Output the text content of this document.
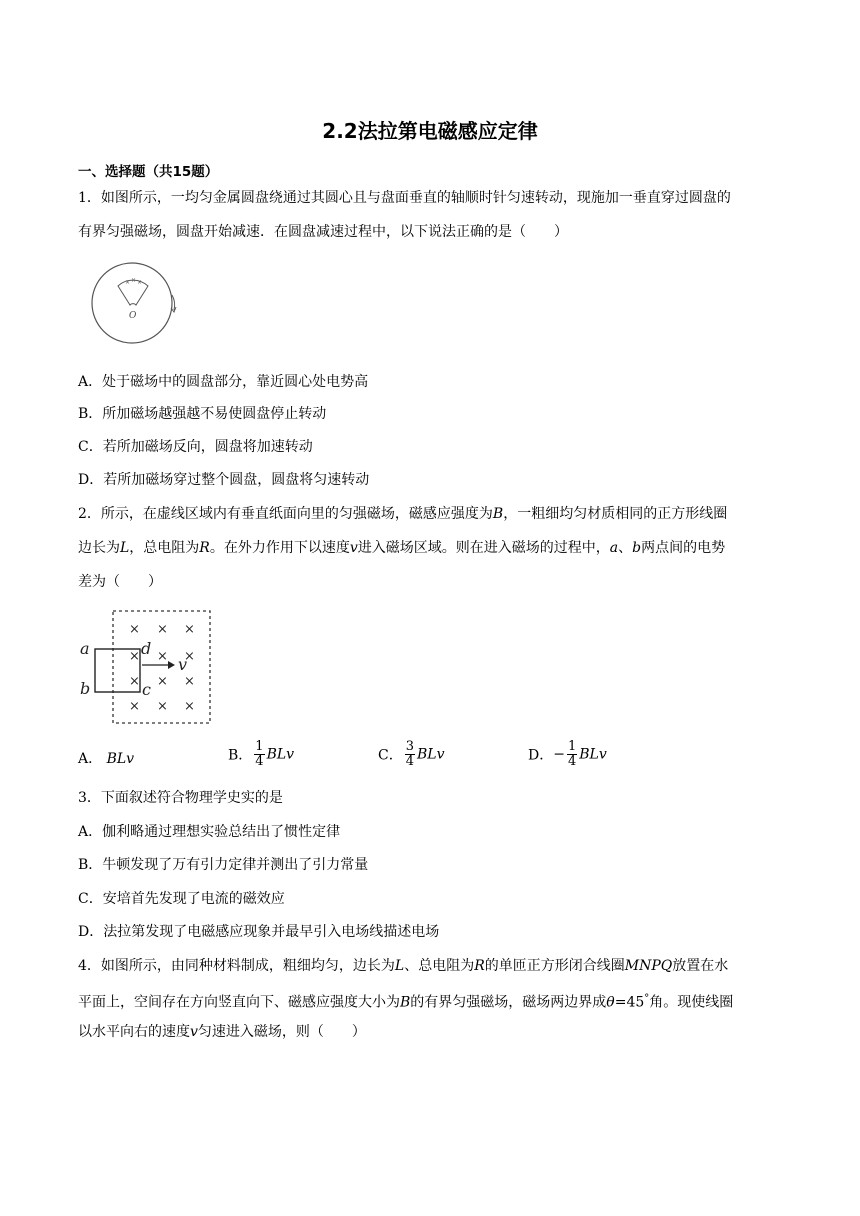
2.2法拉第电磁感应定律
一、选择题（共15题）
1．如图所示，一均匀金属圆盘绕通过其圆心且与盘面垂直的轴顺时针匀速转动，现施加一垂直穿过圆盘的
有界匀强磁场，圆盘开始减速．在圆盘减速过程中，以下说法正确的是（　　）
× × ×
O
A．处于磁场中的圆盘部分，靠近圆心处电势高
B．所加磁场越强越不易使圆盘停止转动
C．若所加磁场反向，圆盘将加速转动
D．若所加磁场穿过整个圆盘，圆盘将匀速转动
2．所示，在虚线区域内有垂直纸面向里的匀强磁场，磁感应强度为B，一粗细均匀材质相同的正方形线圈
边长为L，总电阻为R。在外力作用下以速度v进入磁场区域。则在进入磁场的过程中，a、b两点间的电势
差为（　　）
× × ×
× × ×
×	×
× × ×
×
a
b	c
d
v
A． BLv	B． $\frac{1}{4}$ BLv	C． $\frac{3}{4}$ BLv	D．− $\frac{1}{4}$ BLv
3．下面叙述符合物理学史实的是
A．伽利略通过理想实验总结出了惯性定律
B．牛顿发现了万有引力定律并测出了引力常量
C．安培首先发现了电流的磁效应
D．法拉第发现了电磁感应现象并最早引入电场线描述电场
4．如图所示，由同种材料制成，粗细均匀，边长为L、总电阻为R的单匝正方形闭合线圈MNPQ放置在水
平面上，空间存在方向竖直向下、磁感应强度大小为B的有界匀强磁场，磁场两边界成θ=45°角。现使线圈
以水平向右的速度v匀速进入磁场，则（　　）
